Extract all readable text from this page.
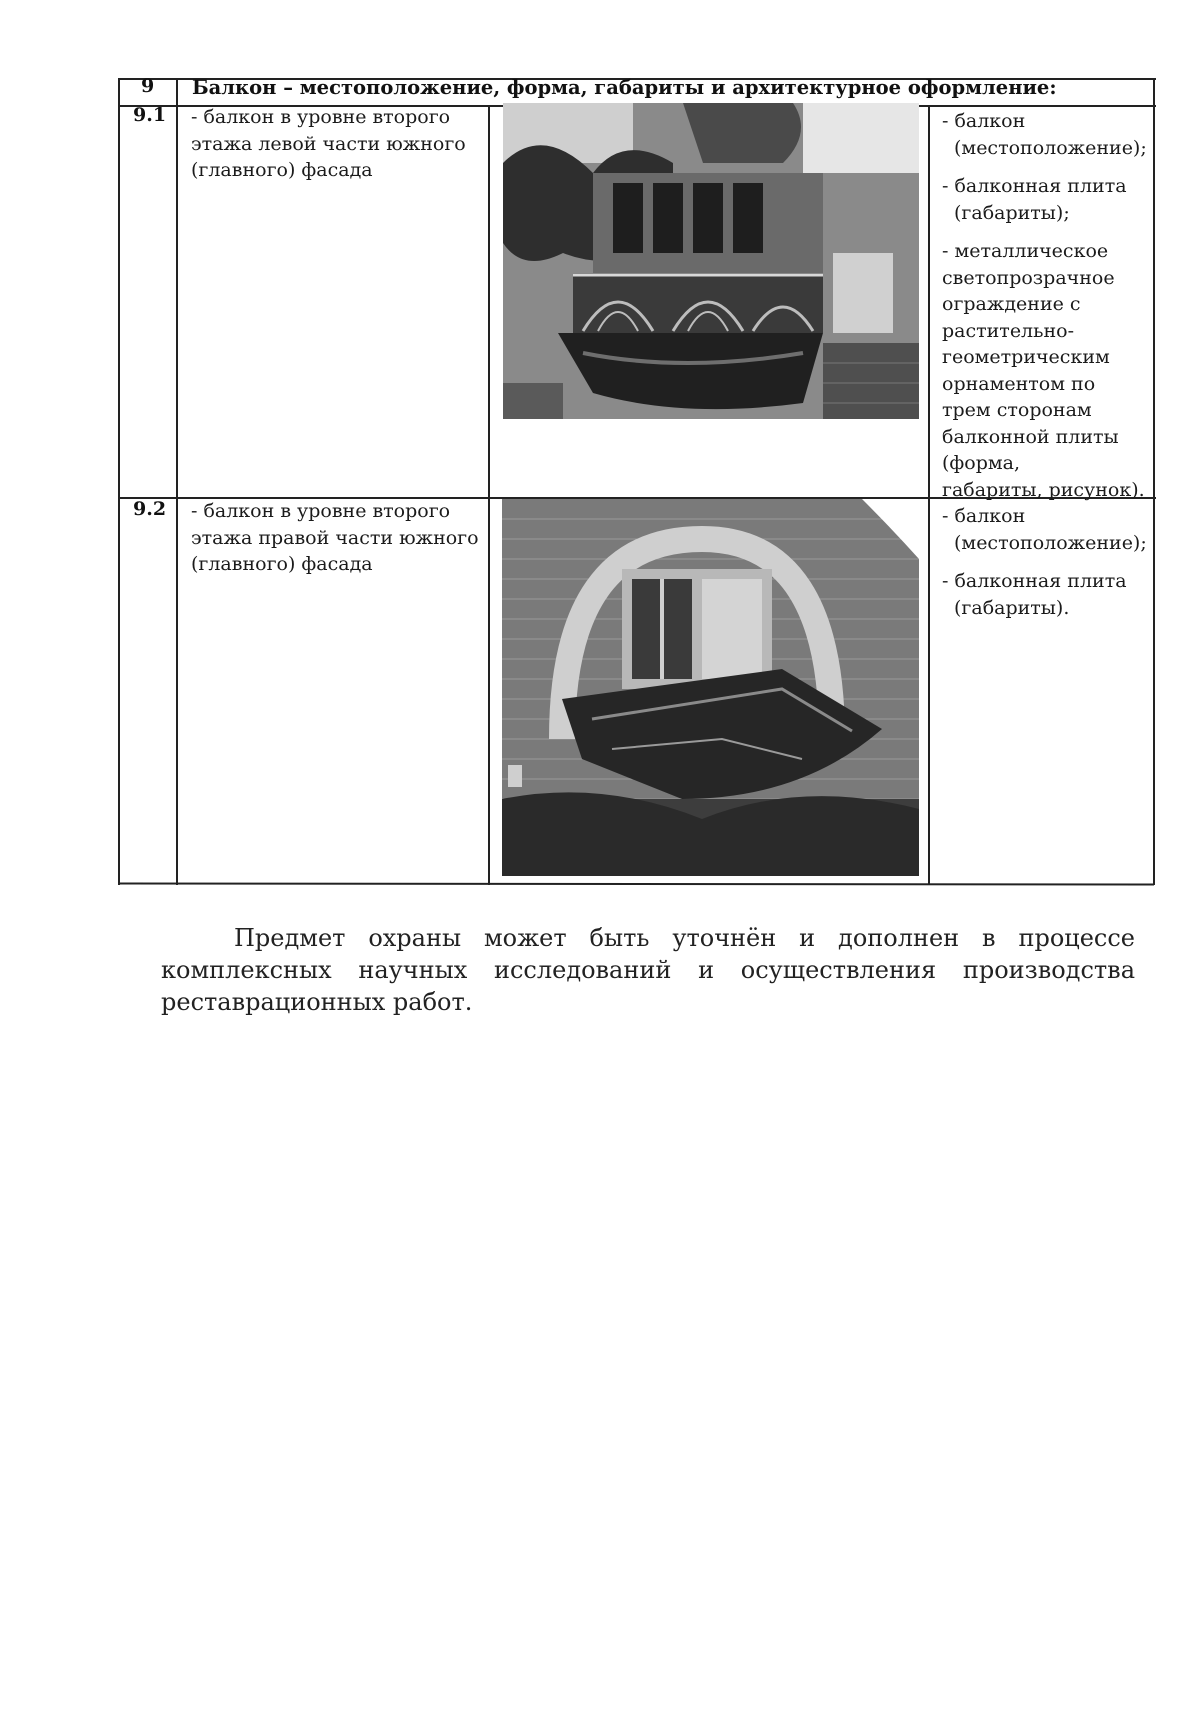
9 Балкон – местоположение, форма, габариты и архитектурное оформление:
9.1 - балкон в уровне второго
этажа левой части южного
(главного) фасада

- балкон
(местоположение);

- балконная плита
(габариты);

- металлическое
светопрозрачное
ограждение с
растительно-
геометрическим
орнаментом по
трем сторонам
балконной плиты
(форма,
габариты, рисунок).

9.2 - балкон в уровне второго
этажа правой части южного
(главного) фасада

- балкон
(местоположение);

- балконная плита
(габариты).

Предмет охраны может быть уточнён и дополнен в процессе
комплексных научных исследований и осуществления производства
реставрационных работ.
